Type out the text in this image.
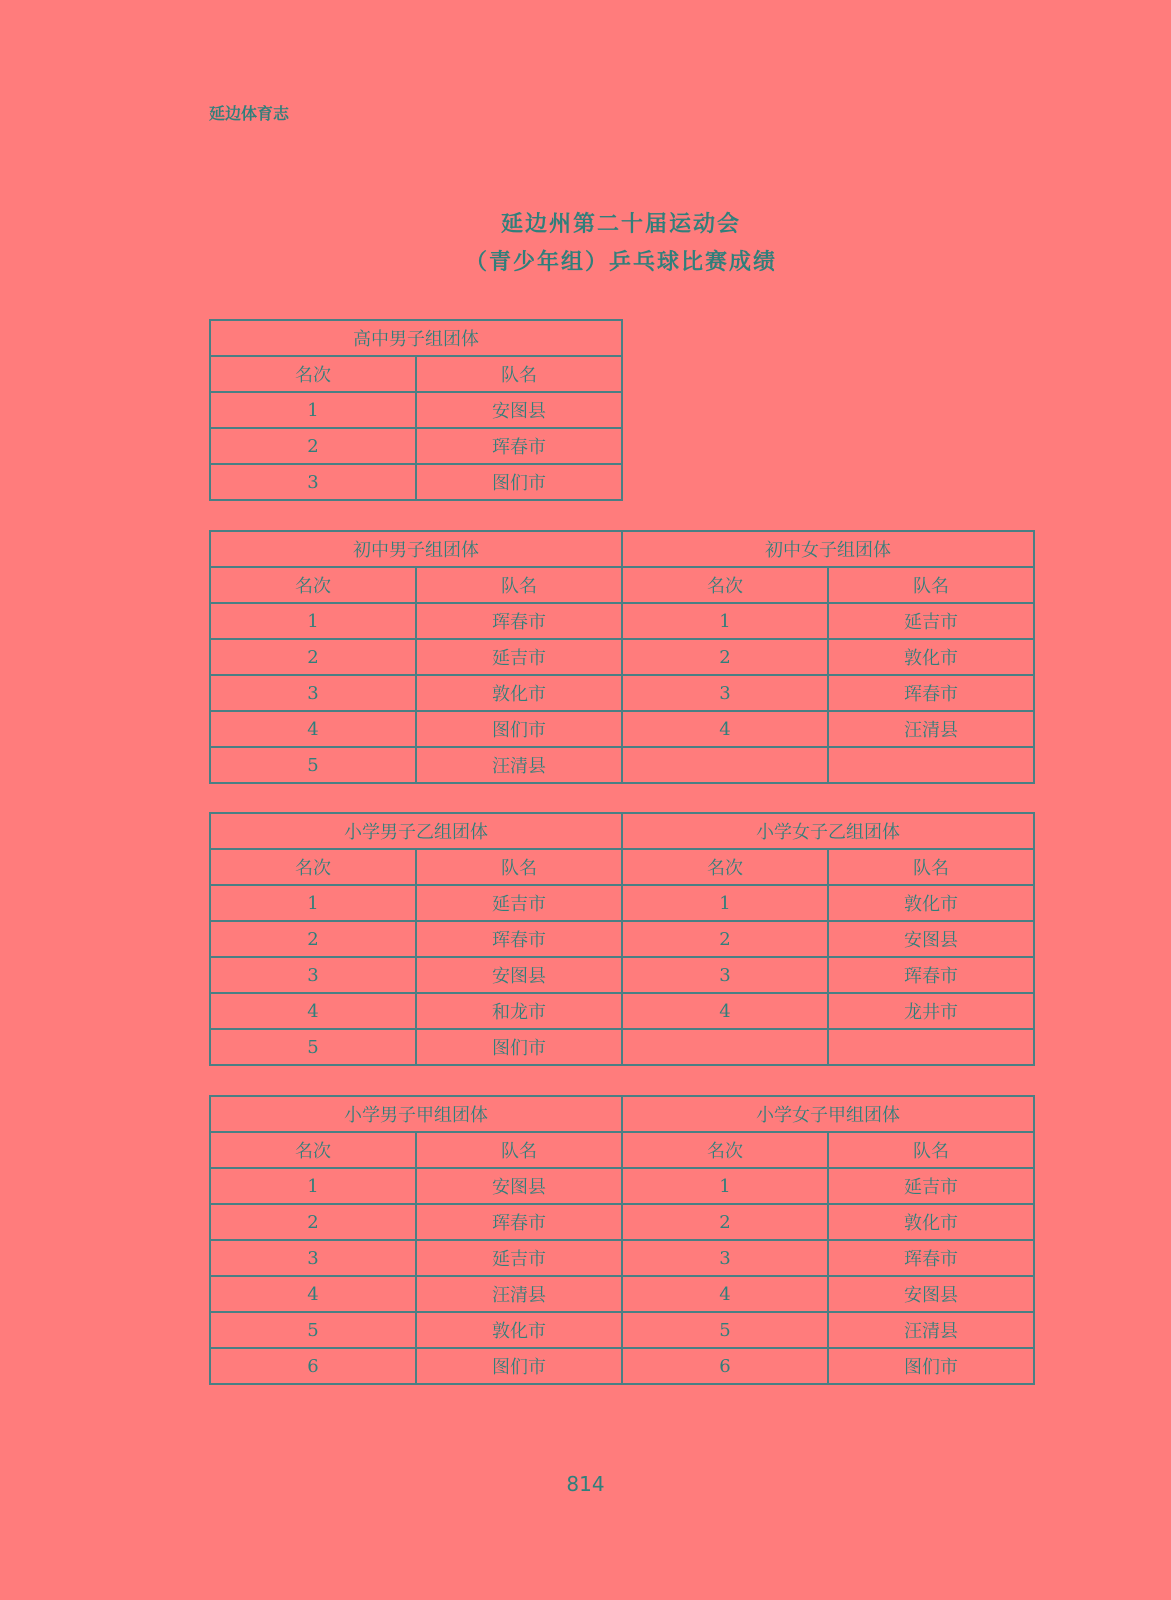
延边体育志
延边州第二十届运动会
（青少年组）乒乓球比赛成绩
高中男子组团体	
名次	队名
1	安图县
2	珲春市
3	图们市
初中男子组团体		初中女子组团体	
名次	队名	名次	队名
1	珲春市	1	延吉市
2	延吉市	2	敦化市
3	敦化市	3	珲春市
4	图们市	4	汪清县
5	汪清县		
小学男子乙组团体		小学女子乙组团体	
名次	队名	名次	队名
1	延吉市	1	敦化市
2	珲春市	2	安图县
3	安图县	3	珲春市
4	和龙市	4	龙井市
5	图们市		
小学男子甲组团体		小学女子甲组团体	
名次	队名	名次	队名
1	安图县	1	延吉市
2	珲春市	2	敦化市
3	延吉市	3	珲春市
4	汪清县	4	安图县
5	敦化市	5	汪清县
6	图们市	6	图们市
814
